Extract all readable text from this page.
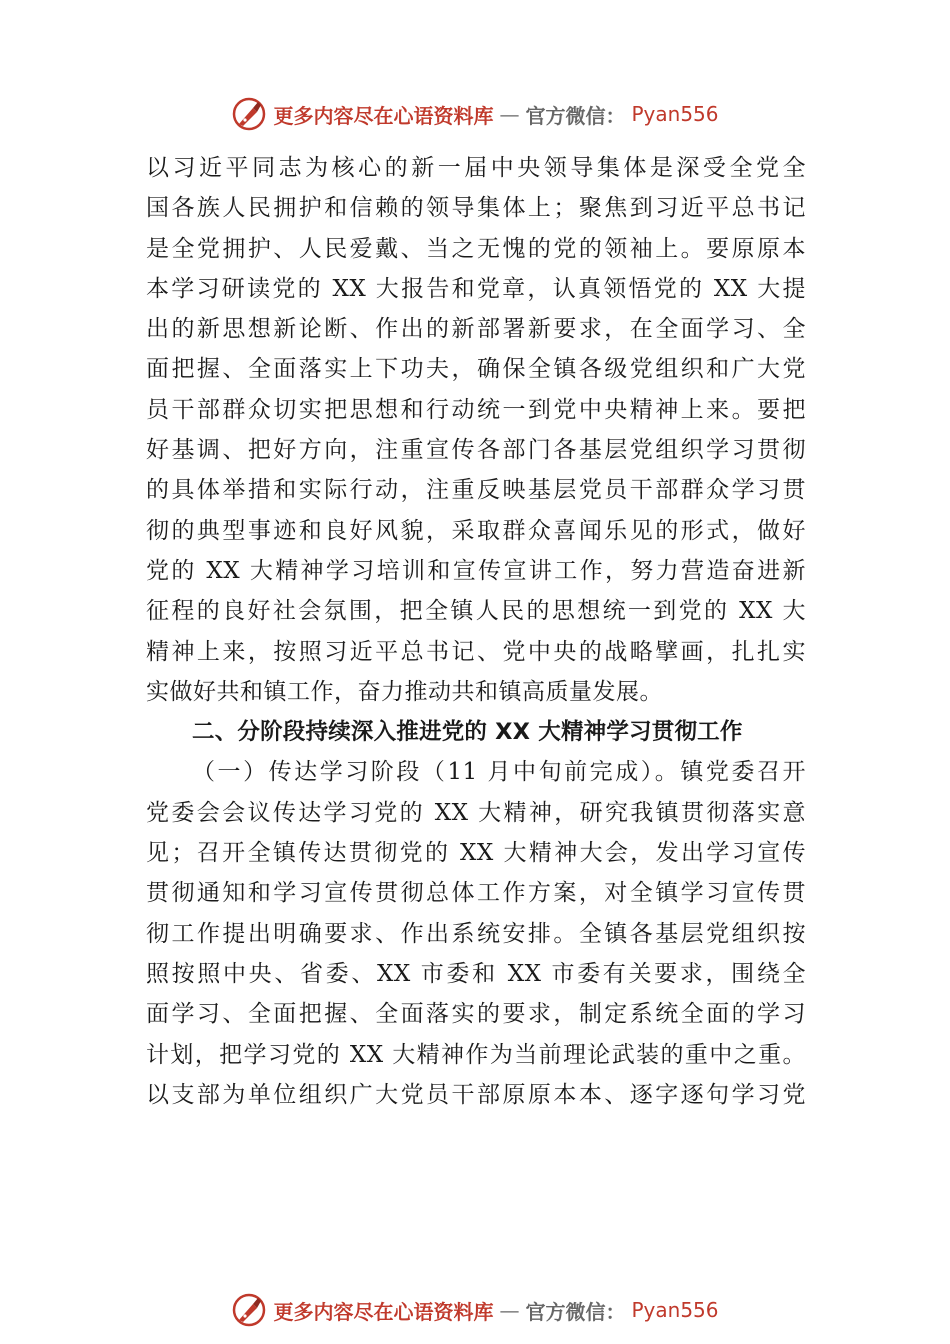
更多内容尽在心语资料库 — 官方微信： Pyan556
以习近平同志为核心的新一届中央领导集体是深受全党全
国各族人民拥护和信赖的领导集体上；聚焦到习近平总书记
是全党拥护、人民爱戴、当之无愧的党的领袖上。要原原本
本学习研读党的 XX 大报告和党章，认真领悟党的 XX 大提
出的新思想新论断、作出的新部署新要求，在全面学习、全
面把握、全面落实上下功夫，确保全镇各级党组织和广大党
员干部群众切实把思想和行动统一到党中央精神上来。要把
好基调、把好方向，注重宣传各部门各基层党组织学习贯彻
的具体举措和实际行动，注重反映基层党员干部群众学习贯
彻的典型事迹和良好风貌，采取群众喜闻乐见的形式，做好
党的 XX 大精神学习培训和宣传宣讲工作，努力营造奋进新
征程的良好社会氛围，把全镇人民的思想统一到党的 XX 大
精神上来，按照习近平总书记、党中央的战略擘画，扎扎实
实做好共和镇工作，奋力推动共和镇高质量发展。
二、分阶段持续深入推进党的 XX 大精神学习贯彻工作
（一）传达学习阶段（11 月中旬前完成）。镇党委召开
党委会会议传达学习党的 XX 大精神，研究我镇贯彻落实意
见；召开全镇传达贯彻党的 XX 大精神大会，发出学习宣传
贯彻通知和学习宣传贯彻总体工作方案，对全镇学习宣传贯
彻工作提出明确要求、作出系统安排。全镇各基层党组织按
照按照中央、省委、XX 市委和 XX 市委有关要求，围绕全
面学习、全面把握、全面落实的要求，制定系统全面的学习
计划，把学习党的 XX 大精神作为当前理论武装的重中之重。
以支部为单位组织广大党员干部原原本本、逐字逐句学习党
更多内容尽在心语资料库 — 官方微信： Pyan556
